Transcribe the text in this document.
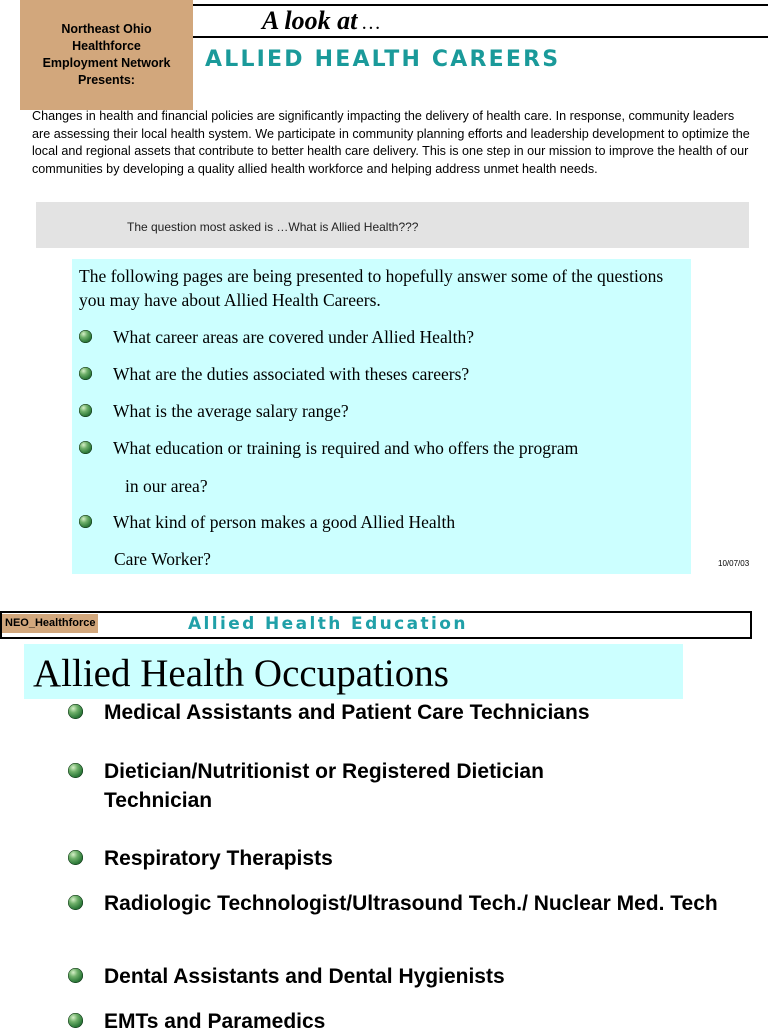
Northeast Ohio
Healthforce
Employment Network
Presents:
A look at …
ALLIED HEALTH CAREERS
Changes in health and financial policies are significantly impacting the delivery of health care. In response, community leaders are assessing their local health system. We participate in community planning efforts and leadership development to optimize the local and regional assets that contribute to better health care delivery. This is one step in our mission to improve the health of our communities by developing a quality allied health workforce and helping address unmet health needs.
The question most asked is …What is Allied Health???
The following pages are being presented to hopefully answer some of the questions you may have about Allied Health Careers.
What career areas are covered under Allied Health?
What are the duties associated with theses careers?
What is the average salary range?
What education or training is required and who offers the program
in our area?
What kind of person makes a good Allied Health
Care Worker?	10/07/03
NEO_Healthforce	Allied Health Education
Allied Health Occupations
Medical Assistants and Patient Care Technicians
Dietician/Nutritionist or Registered Dietician Technician
Respiratory Therapists
Radiologic Technologist/Ultrasound Tech./ Nuclear Med. Tech
Dental Assistants and Dental Hygienists
EMTs and Paramedics
